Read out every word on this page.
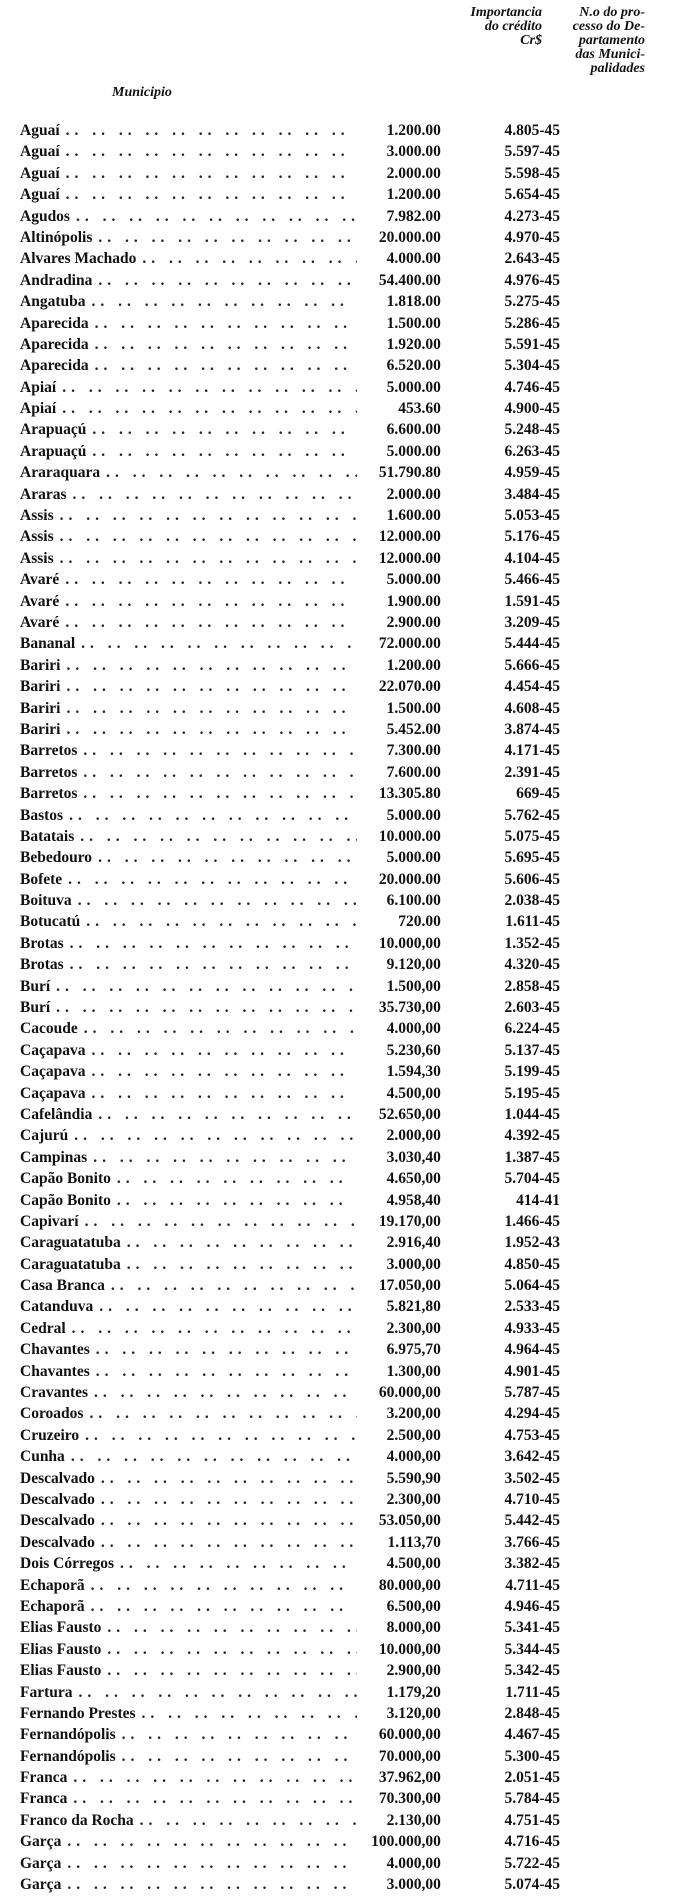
Municipio
Importancia
do crédito
Cr$
N.o do pro-
cesso do De-
partamento
das Munici-
palidades
Aguaí .. ..	1.200.00	4.805-45
Aguaí .. ..	3.000.00	5.597-45
Aguaí .. ..	2.000.00	5.598-45
Aguaí .. ..	1.200.00	5.654-45
Agudos .. ..	7.982.00	4.273-45
Altinópolis .. ..	20.000.00	4.970-45
Alvares Machado .. ..	4.000.00	2.643-45
Andradina .. ..	54.400.00	4.976-45
Angatuba .. ..	1.818.00	5.275-45
Aparecida .. ..	1.500.00	5.286-45
Aparecida .. ..	1.920.00	5.591-45
Aparecida .. ..	6.520.00	5.304-45
Apiaí .. ..	5.000.00	4.746-45
Apiaí .. ..	453.60	4.900-45
Arapuaçú .. ..	6.600.00	5.248-45
Arapuaçú .. ..	5.000.00	6.263-45
Araraquara .. ..	51.790.80	4.959-45
Araras .. ..	2.000.00	3.484-45
Assis .. ..	1.600.00	5.053-45
Assis .. ..	12.000.00	5.176-45
Assis .. ..	12.000.00	4.104-45
Avaré .. ..	5.000.00	5.466-45
Avaré .. ..	1.900.00	1.591-45
Avaré .. ..	2.900.00	3.209-45
Bananal .. ..	72.000.00	5.444-45
Bariri .. ..	1.200.00	5.666-45
Bariri .. ..	22.070.00	4.454-45
Bariri .. ..	1.500.00	4.608-45
Bariri .. ..	5.452.00	3.874-45
Barretos .. ..	7.300.00	4.171-45
Barretos .. ..	7.600.00	2.391-45
Barretos .. ..	13.305.80	669-45
Bastos .. ..	5.000.00	5.762-45
Batatais .. ..	10.000.00	5.075-45
Bebedouro .. ..	5.000.00	5.695-45
Bofete .. ..	20.000.00	5.606-45
Boituva .. ..	6.100.00	2.038-45
Botucatú .. ..	720.00	1.611-45
Brotas .. ..	10.000,00	1.352-45
Brotas .. ..	9.120,00	4.320-45
Burí .. ..	1.500,00	2.858-45
Burí .. ..	35.730,00	2.603-45
Cacoude .. ..	4.000,00	6.224-45
Caçapava .. ..	5.230,60	5.137-45
Caçapava .. ..	1.594,30	5.199-45
Caçapava .. ..	4.500,00	5.195-45
Cafelândia .. ..	52.650,00	1.044-45
Cajurú .. ..	2.000,00	4.392-45
Campinas .. ..	3.030,40	1.387-45
Capão Bonito .. ..	4.650,00	5.704-45
Capão Bonito .. ..	4.958,40	414-41
Capivarí .. ..	19.170,00	1.466-45
Caraguatatuba .. ..	2.916,40	1.952-43
Caraguatatuba .. ..	3.000,00	4.850-45
Casa Branca .. ..	17.050,00	5.064-45
Catanduva .. ..	5.821,80	2.533-45
Cedral .. ..	2.300,00	4.933-45
Chavantes .. ..	6.975,70	4.964-45
Chavantes .. ..	1.300,00	4.901-45
Cravantes .. ..	60.000,00	5.787-45
Coroados .. ..	3.200,00	4.294-45
Cruzeiro .. ..	2.500,00	4.753-45
Cunha .. ..	4.000,00	3.642-45
Descalvado .. ..	5.590,90	3.502-45
Descalvado .. ..	2.300,00	4.710-45
Descalvado .. ..	53.050,00	5.442-45
Descalvado .. ..	1.113,70	3.766-45
Dois Córregos .. ..	4.500,00	3.382-45
Echaporã .. ..	80.000,00	4.711-45
Echaporã .. ..	6.500,00	4.946-45
Elias Fausto .. ..	8.000,00	5.341-45
Elias Fausto .. ..	10.000,00	5.344-45
Elias Fausto .. ..	2.900,00	5.342-45
Fartura .. ..	1.179,20	1.711-45
Fernando Prestes .. ..	3.120,00	2.848-45
Fernandópolis .. ..	60.000,00	4.467-45
Fernandópolis .. ..	70.000,00	5.300-45
Franca .. ..	37.962,00	2.051-45
Franca .. ..	70.300,00	5.784-45
Franco da Rocha .. ..	2.130,00	4.751-45
Garça .. ..	100.000,00	4.716-45
Garça .. ..	4.000,00	5.722-45
Garça .. ..	3.000,00	5.074-45
